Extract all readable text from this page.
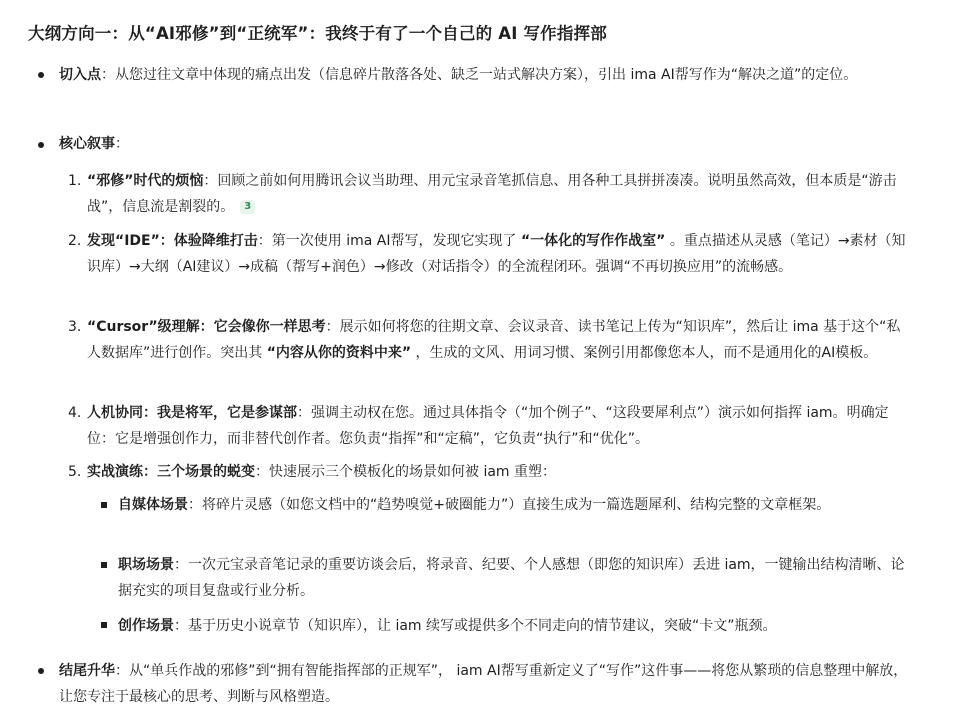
大纲方向一：从“AI邪修”到“正统军”：我终于有了一个自己的 AI 写作指挥部
切入点：从您过往文章中体现的痛点出发（信息碎片散落各处、缺乏一站式解决方案），引出 ima AI帮写作为“解决之道”的定位。
核心叙事：
1. “邪修”时代的烦恼：回顾之前如何用腾讯会议当助理、用元宝录音笔抓信息、用各种工具拼拼凑凑。说明虽然高效，但本质是“游击战”，信息流是割裂的。 3
2. 发现“IDE”：体验降维打击：第一次使用 ima AI帮写，发现它实现了 “一体化的写作作战室” 。重点描述从灵感（笔记）→素材（知识库）→大纲（AI建议）→成稿（帮写+润色）→修改（对话指令）的全流程闭环。强调“不再切换应用”的流畅感。
3. “Cursor”级理解：它会像你一样思考：展示如何将您的往期文章、会议录音、读书笔记上传为“知识库”，然后让 ima 基于这个“私人数据库”进行创作。突出其 “内容从你的资料中来” ，生成的文风、用词习惯、案例引用都像您本人，而不是通用化的AI模板。
4. 人机协同：我是将军，它是参谋部：强调主动权在您。通过具体指令（“加个例子”、“这段要犀利点”）演示如何指挥 iam。明确定位：它是增强创作力，而非替代创作者。您负责“指挥”和“定稿”，它负责“执行”和“优化”。
5. 实战演练：三个场景的蜕变：快速展示三个模板化的场景如何被 iam 重塑：
自媒体场景：将碎片灵感（如您文档中的“趋势嗅觉+破圈能力”）直接生成为一篇选题犀利、结构完整的文章框架。
职场场景：一次元宝录音笔记录的重要访谈会后，将录音、纪要、个人感想（即您的知识库）丢进 iam，一键输出结构清晰、论据充实的项目复盘或行业分析。
创作场景：基于历史小说章节（知识库），让 iam 续写或提供多个不同走向的情节建议，突破“卡文”瓶颈。
结尾升华：从“单兵作战的邪修”到“拥有智能指挥部的正规军”， iam AI帮写重新定义了“写作”这件事——将您从繁琐的信息整理中解放，让您专注于最核心的思考、判断与风格塑造。
